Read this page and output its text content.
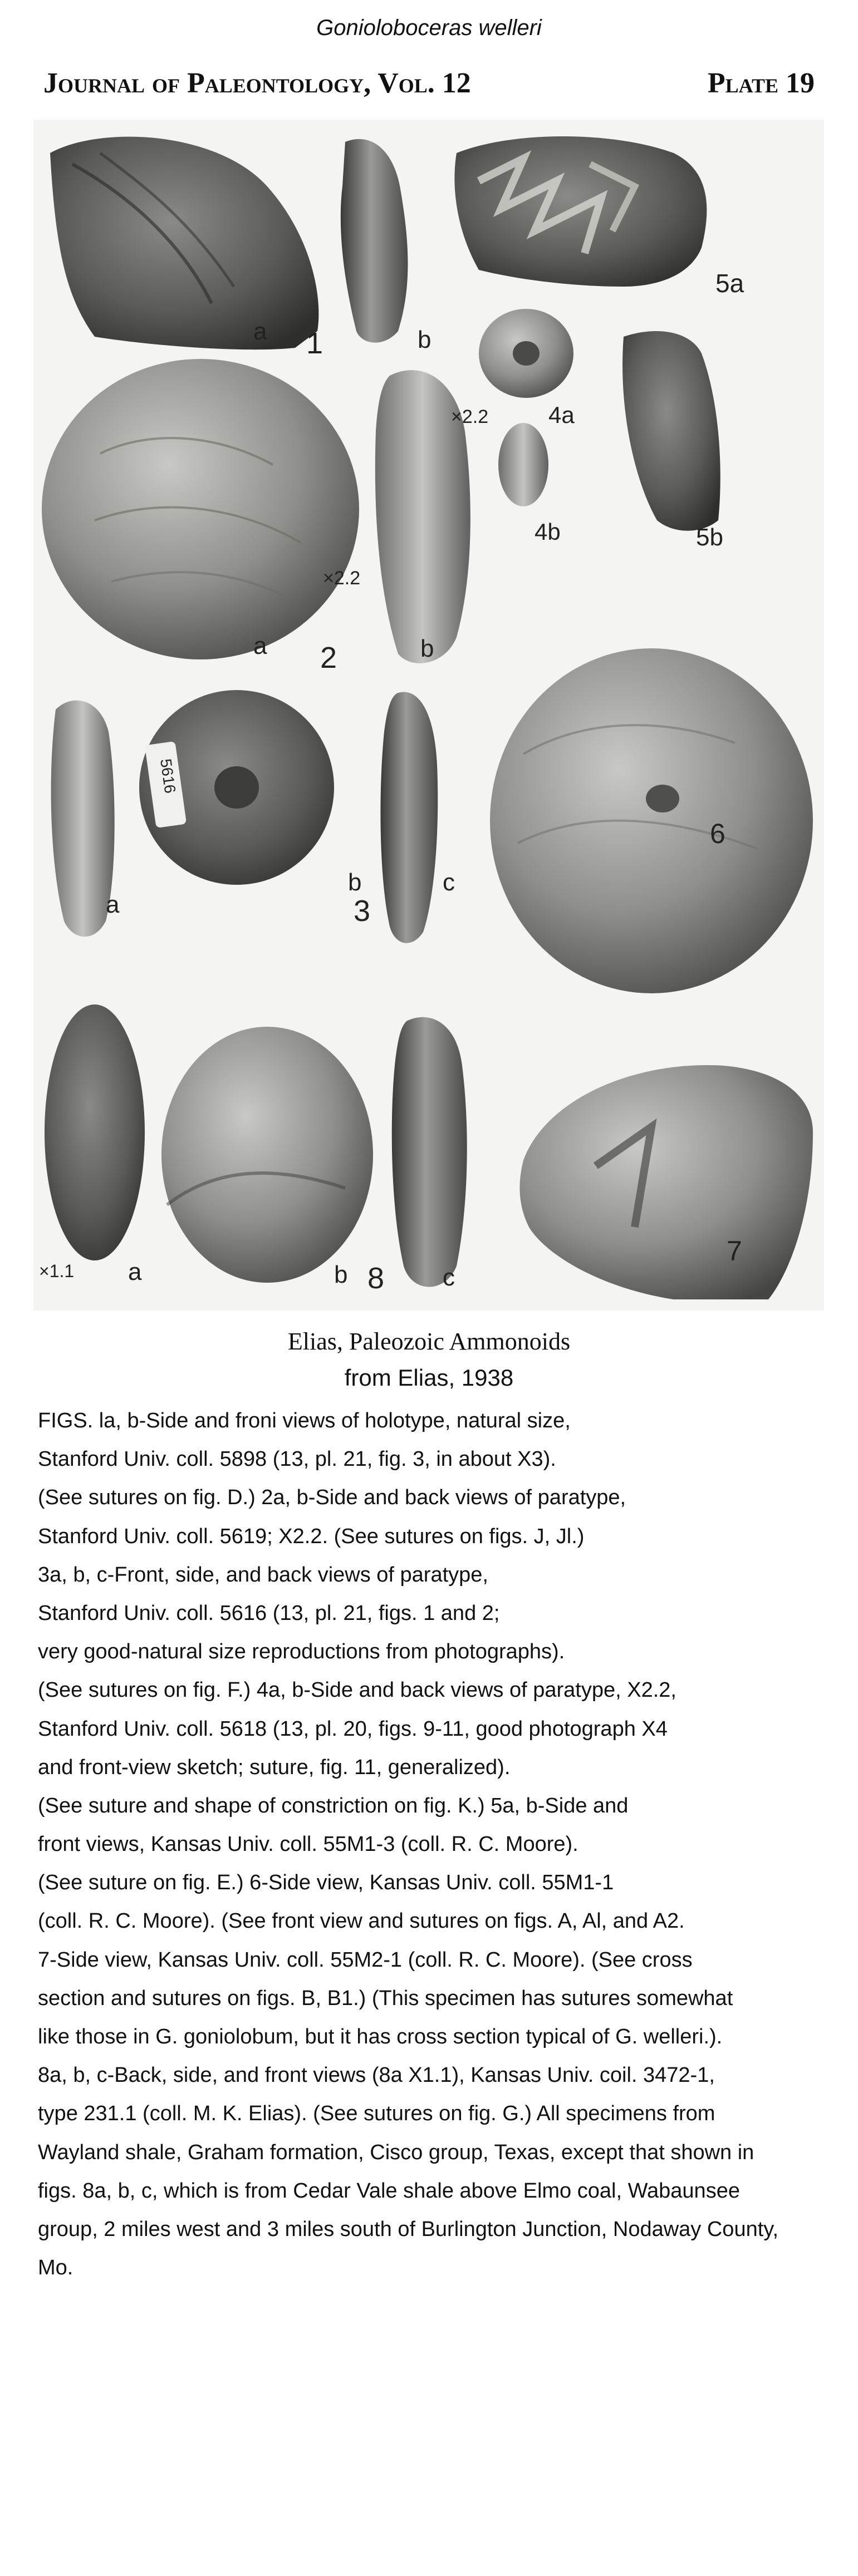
Gonioloboceras welleri
Journal of Paleontology, Vol. 12	Plate 19
a 1	b
5a
×2.2	4a
4b	5b
×2.2
a 2	b
6
a
5616
b
3
c
×1.1 a	b 8 c
7
Elias, Paleozoic Ammonoids
from Elias, 1938
FIGS. la, b-Side and froni views of holotype, natural size,
Stanford Univ. coll. 5898 (13, pl. 21, fig. 3, in about X3).
(See sutures on fig. D.) 2a, b-Side and back views of paratype,
Stanford Univ. coll. 5619; X2.2. (See sutures on figs. J, Jl.)
3a, b, c-Front, side, and back views of paratype,
Stanford Univ. coll. 5616 (13, pl. 21, figs. 1 and 2;
very good-natural size reproductions from photographs).
(See sutures on fig. F.) 4a, b-Side and back views of paratype, X2.2,
Stanford Univ. coll. 5618 (13, pl. 20, figs. 9-11, good photograph X4
and front-view sketch; suture, fig. 11, generalized).
(See suture and shape of constriction on fig. K.) 5a, b-Side and
front views, Kansas Univ. coll. 55M1-3 (coll. R. C. Moore).
(See suture on fig. E.) 6-Side view, Kansas Univ. coll. 55M1-1
(coll. R. C. Moore). (See front view and sutures on figs. A, Al, and A2.
7-Side view, Kansas Univ. coll. 55M2-1 (coll. R. C. Moore). (See cross
section and sutures on figs. B, B1.) (This specimen has sutures somewhat
like those in G. goniolobum, but it has cross section typical of G. welleri.).
8a, b, c-Back, side, and front views (8a X1.1), Kansas Univ. coil. 3472-1,
type 231.1 (coll. M. K. Elias). (See sutures on fig. G.) All specimens from
Wayland shale, Graham formation, Cisco group, Texas, except that shown in
figs. 8a, b, c, which is from Cedar Vale shale above Elmo coal, Wabaunsee
group, 2 miles west and 3 miles south of Burlington Junction, Nodaway County,
Mo.
